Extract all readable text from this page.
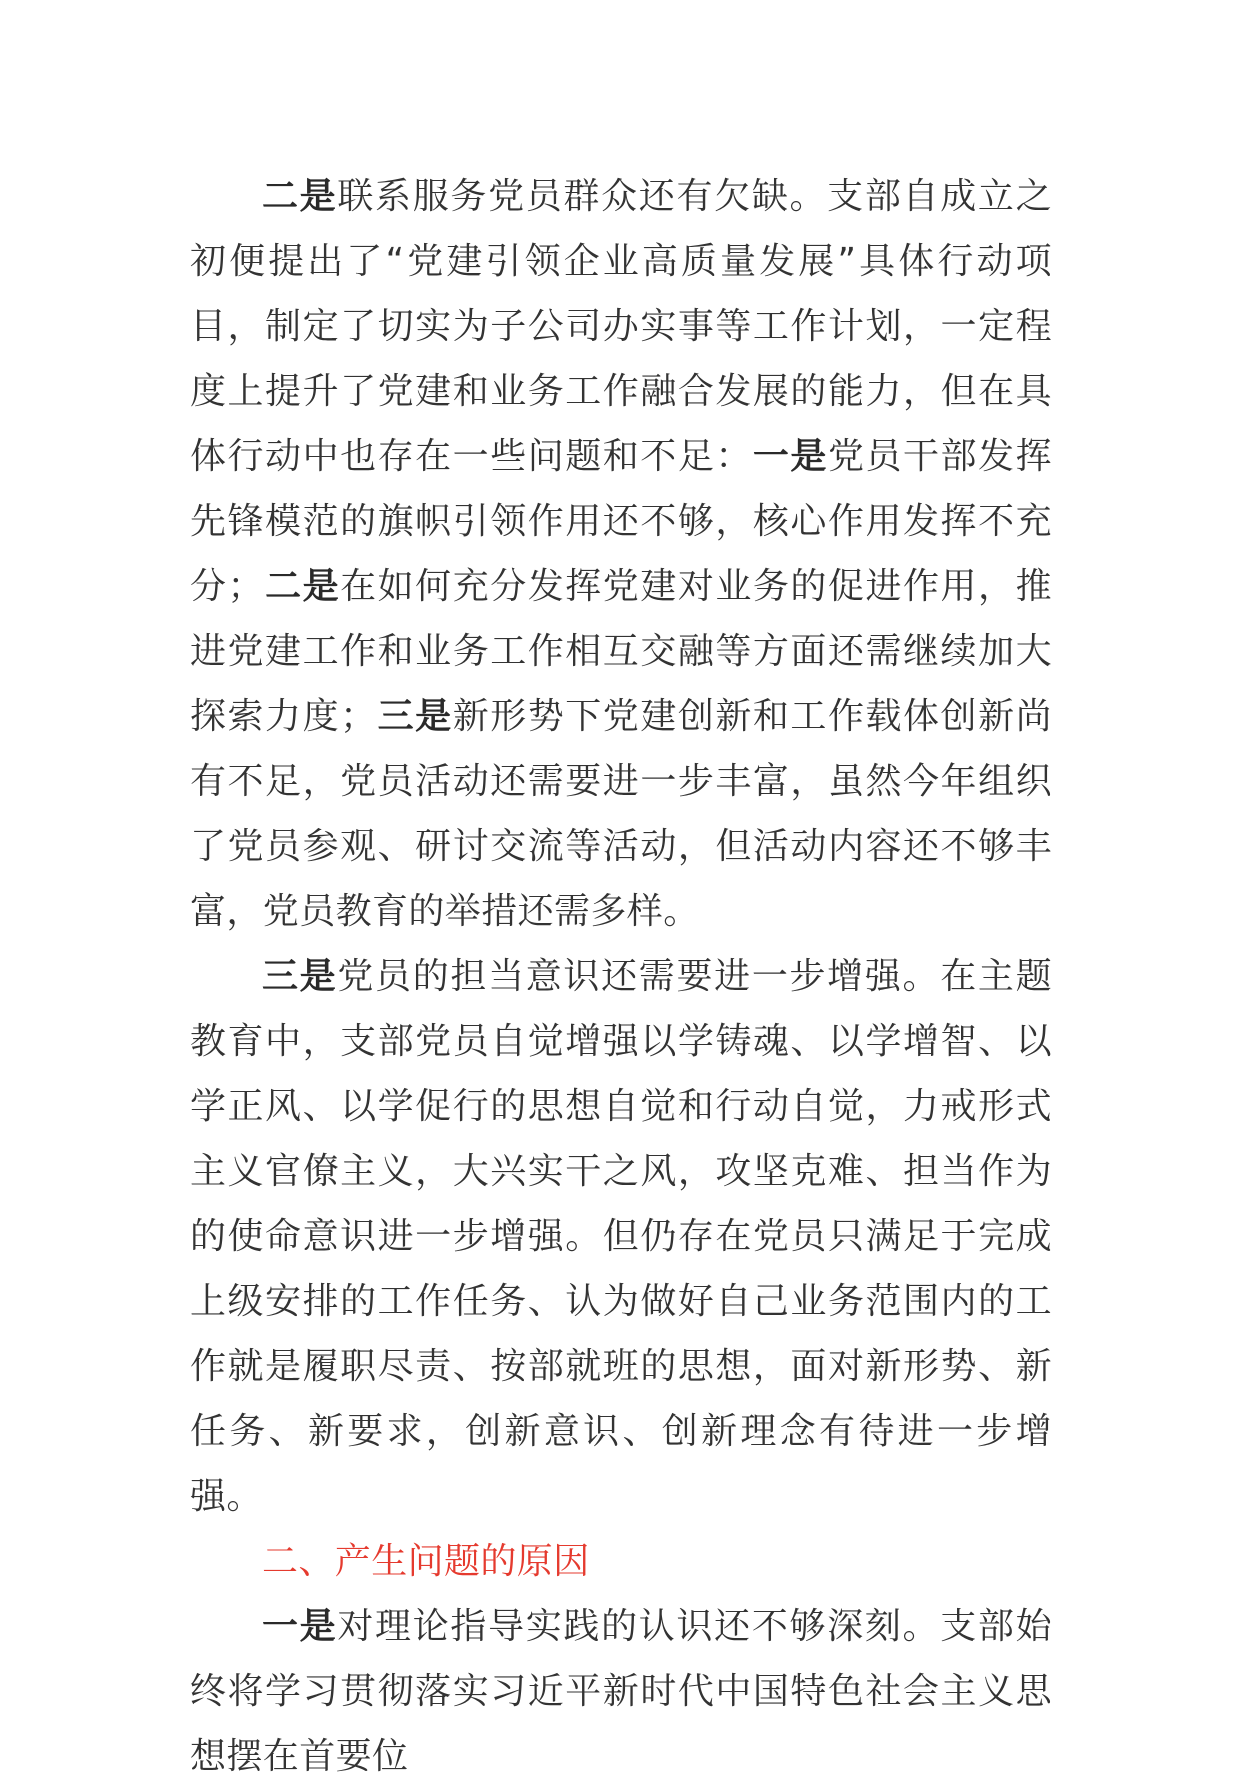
二是联系服务党员群众还有欠缺。支部自成立之初便提出了“党建引领企业高质量发展”具体行动项目，制定了切实为子公司办实事等工作计划，一定程度上提升了党建和业务工作融合发展的能力，但在具体行动中也存在一些问题和不足：一是党员干部发挥先锋模范的旗帜引领作用还不够，核心作用发挥不充分；二是在如何充分发挥党建对业务的促进作用，推进党建工作和业务工作相互交融等方面还需继续加大探索力度；三是新形势下党建创新和工作载体创新尚有不足，党员活动还需要进一步丰富，虽然今年组织了党员参观、研讨交流等活动，但活动内容还不够丰富，党员教育的举措还需多样。

三是党员的担当意识还需要进一步增强。在主题教育中，支部党员自觉增强以学铸魂、以学增智、以学正风、以学促行的思想自觉和行动自觉，力戒形式主义官僚主义，大兴实干之风，攻坚克难、担当作为的使命意识进一步增强。但仍存在党员只满足于完成上级安排的工作任务、认为做好自己业务范围内的工作就是履职尽责、按部就班的思想，面对新形势、新任务、新要求，创新意识、创新理念有待进一步增强。

二、产生问题的原因

一是对理论指导实践的认识还不够深刻。支部始终将学习贯彻落实习近平新时代中国特色社会主义思想摆在首要位
